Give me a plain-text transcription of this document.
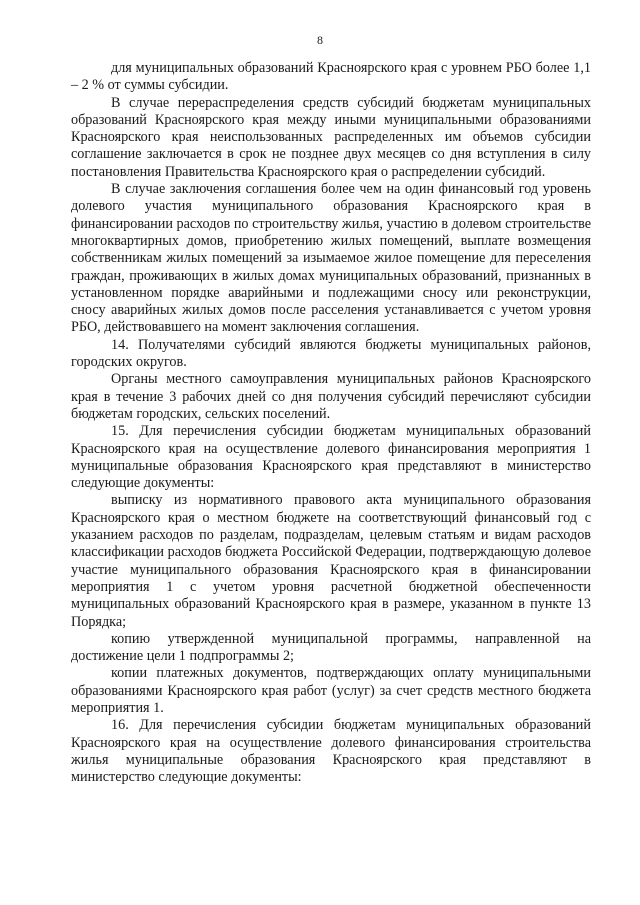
8

для муниципальных образований Красноярского края с уровнем РБО более 1,1 – 2 % от суммы субсидии.

В случае перераспределения средств субсидий бюджетам муниципальных образований Красноярского края между иными муниципальными образованиями Красноярского края неиспользованных распределенных им объемов субсидии соглашение заключается в срок не позднее двух месяцев со дня вступления в силу постановления Правительства Красноярского края о распределении субсидий.

В случае заключения соглашения более чем на один финансовый год уровень долевого участия муниципального образования Красноярского края в финансировании расходов по строительству жилья, участию в долевом строительстве многоквартирных домов, приобретению жилых помещений, выплате возмещения собственникам жилых помещений за изымаемое жилое помещение для переселения граждан, проживающих в жилых домах муниципальных образований, признанных в установленном порядке аварийными и подлежащими сносу или реконструкции, сносу аварийных жилых домов после расселения устанавливается с учетом уровня РБО, действовавшего на момент заключения соглашения.

14. Получателями субсидий являются бюджеты муниципальных районов, городских округов.

Органы местного самоуправления муниципальных районов Красноярского края в течение 3 рабочих дней со дня получения субсидий перечисляют субсидии бюджетам городских, сельских поселений.

15. Для перечисления субсидии бюджетам муниципальных образований Красноярского края на осуществление долевого финансирования мероприятия 1 муниципальные образования Красноярского края представляют в министерство следующие документы:

выписку из нормативного правового акта муниципального образования Красноярского края о местном бюджете на соответствующий финансовый год с указанием расходов по разделам, подразделам, целевым статьям и видам расходов классификации расходов бюджета Российской Федерации, подтверждающую долевое участие муниципального образования Красноярского края в финансировании мероприятия 1 с учетом уровня расчетной бюджетной обеспеченности муниципальных образований Красноярского края в размере, указанном в пункте 13 Порядка;

копию утвержденной муниципальной программы, направленной на достижение цели 1 подпрограммы 2;

копии платежных документов, подтверждающих оплату муниципальными образованиями Красноярского края работ (услуг) за счет средств местного бюджета мероприятия 1.

16. Для перечисления субсидии бюджетам муниципальных образований Красноярского края на осуществление долевого финансирования строительства жилья муниципальные образования Красноярского края представляют в министерство следующие документы:
